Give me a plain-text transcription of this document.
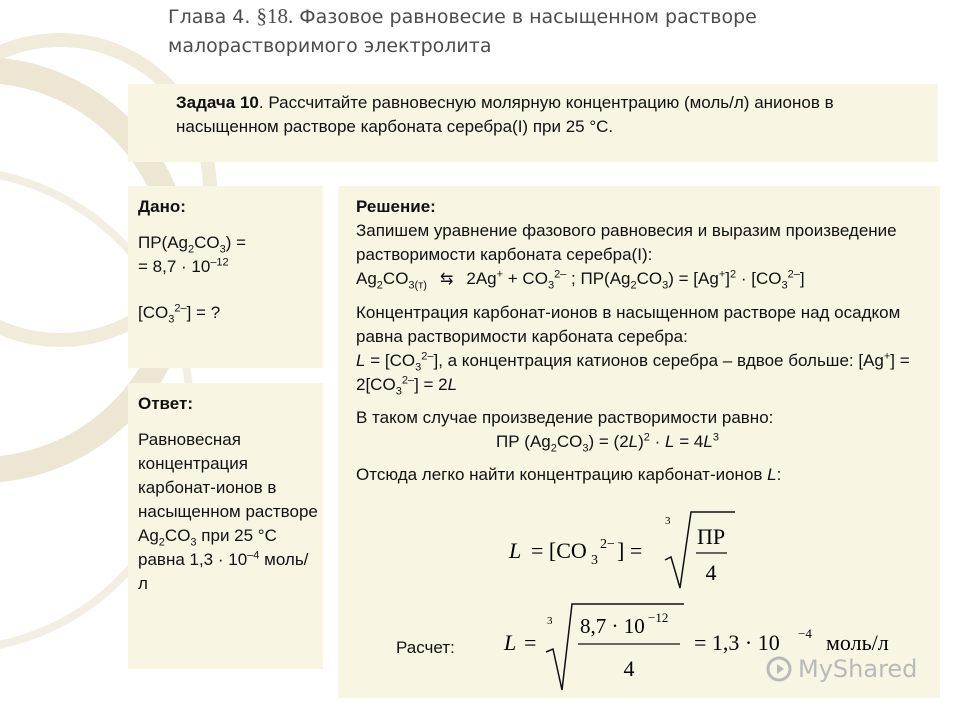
Глава 4. §18. Фазовое равновесие в насыщенном растворе
малорастворимого электролита
Задача 10. Рассчитайте равновесную молярную концентрацию (моль/л) анионов в насыщенном растворе карбоната серебра(I) при 25 °С.

Дано:

$ПР(Ag_2CO_3)$ =

= $8,7 \cdot 10^{-12}$

$[CO_3^{2-}]$ = ?

Ответ:

Равновесная концентрация карбонат-ионов в насыщенном растворе $Ag_2CO_3$ при 25 °С равна $1,3 \cdot 10^{-4}$ моль/л

Решение:

Запишем уравнение фазового равновесия и выразим произведение растворимости карбоната серебра(I):

$Ag_2CO_{3(т)}$ ⇆ $2Ag^+ + CO_3^{2-}$ ; $ПР(Ag_2CO_3) = [Ag^+]^2 \cdot [CO_3^{2-}]$

Концентрация карбонат-ионов в насыщенном растворе над осадком равна растворимости карбоната серебра:

$L = [CO_3^{2-}]$, а концентрация катионов серебра – вдвое больше: $[Ag^+] = 2[CO_3^{2-}] = 2L$

В таком случае произведение растворимости равно:

ПР $(Ag_2CO_3) = (2L)^2 \cdot L = 4L^3$

Отсюда легко найти концентрацию карбонат-ионов L:

L = [CO 3
2− ] =
3
ПР
4
Расчет: L =
3 8,7 · 10 −12
4
= 1,3 · 10 −4 моль/л
MyShared
